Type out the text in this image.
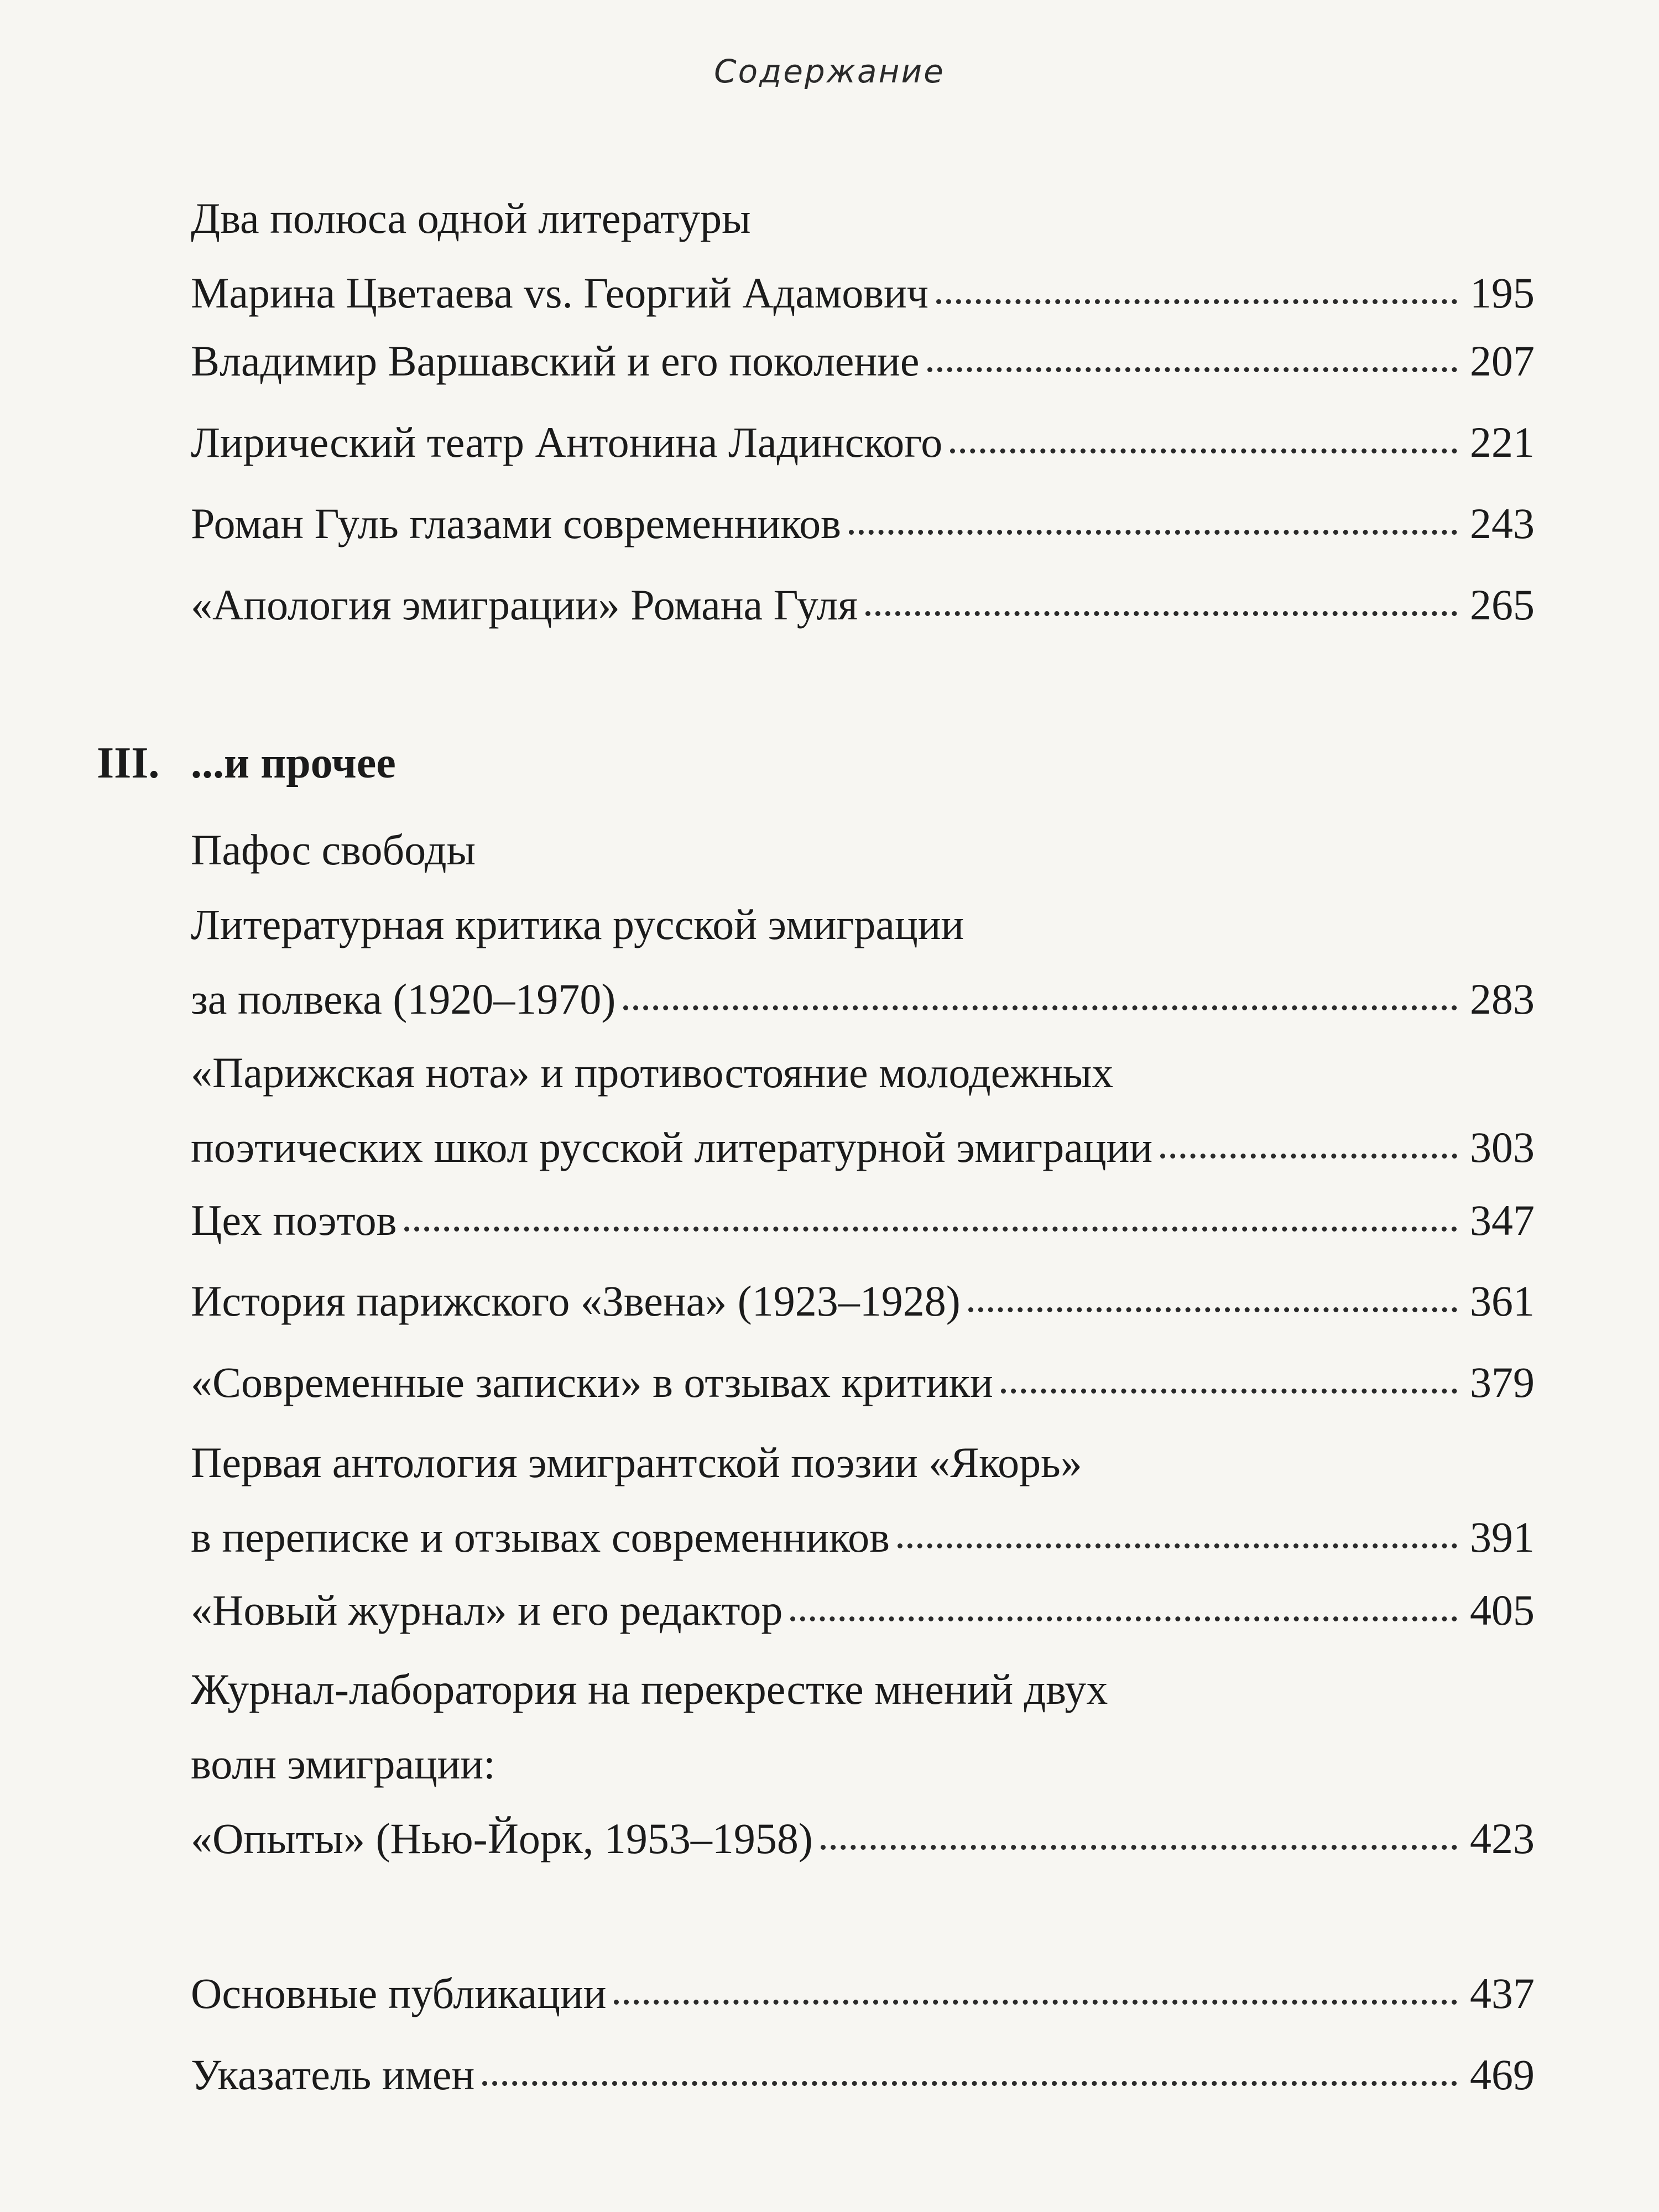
Содержание
Два полюса одной литературы
Марина Цветаева vs. Георгий Адамович	195
Владимир Варшавский и его поколение	207
Лирический театр Антонина Ладинского	221
Роман Гуль глазами современников	243
«Апология эмиграции» Романа Гуля	265
III. ...и прочее
Пафос свободы
Литературная критика русской эмиграции
за полвека (1920–1970)	283
«Парижская нота» и противостояние молодежных
поэтических школ русской литературной эмиграции	303
Цех поэтов	347
История парижского «Звена» (1923–1928)	361
«Современные записки» в отзывах критики	379
Первая антология эмигрантской поэзии «Якорь»
в переписке и отзывах современников	391
«Новый журнал» и его редактор	405
Журнал-лаборатория на перекрестке мнений двух
волн эмиграции:
«Опыты» (Нью-Йорк, 1953–1958)	423
Основные публикации	437
Указатель имен	469
